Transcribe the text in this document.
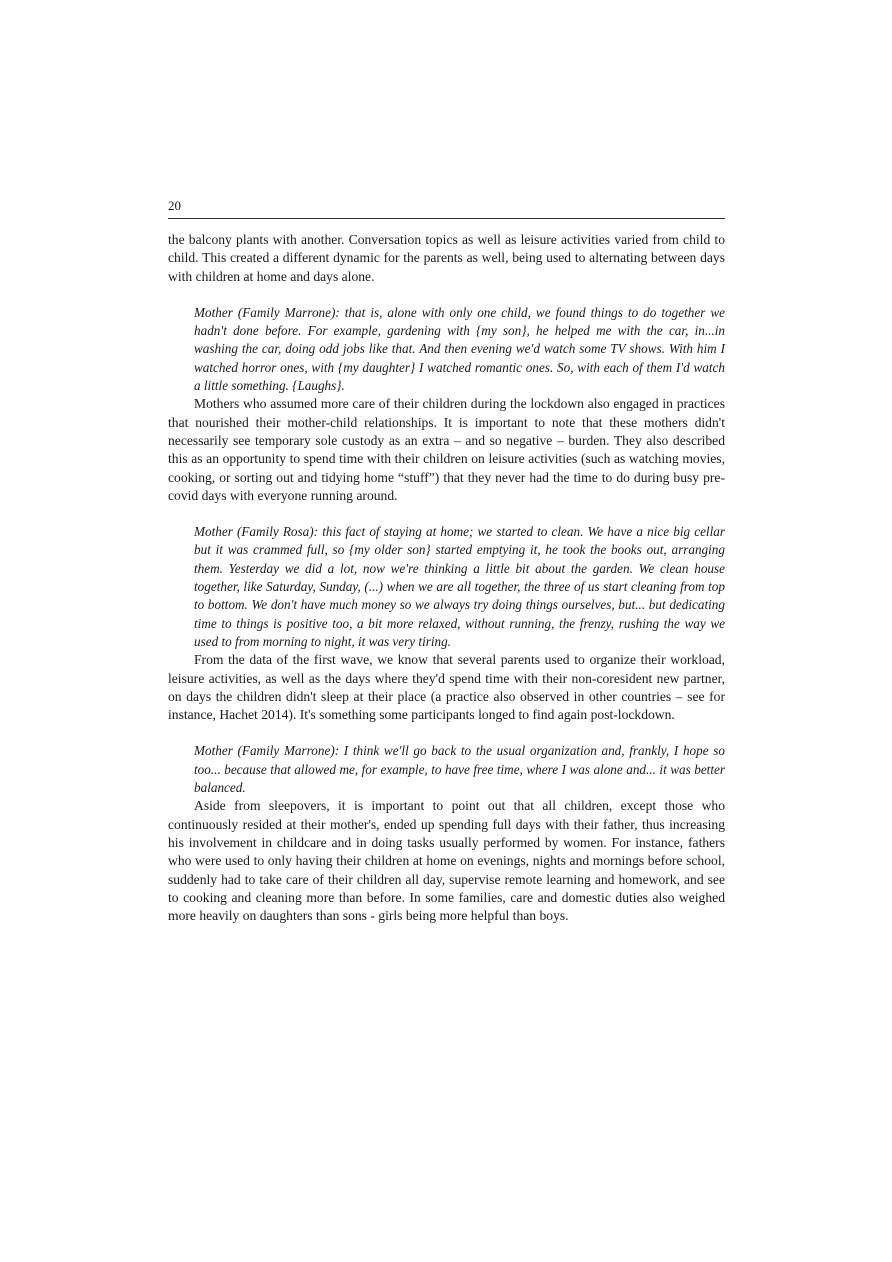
20

the balcony plants with another. Conversation topics as well as leisure activities varied from child to child. This created a different dynamic for the parents as well, being used to alternating between days with children at home and days alone.

Mother (Family Marrone): that is, alone with only one child, we found things to do together we hadn't done before. For example, gardening with {my son}, he helped me with the car, in...in washing the car, doing odd jobs like that. And then evening we'd watch some TV shows. With him I watched horror ones, with {my daughter} I watched romantic ones. So, with each of them I'd watch a little something. {Laughs}.

Mothers who assumed more care of their children during the lockdown also engaged in practices that nourished their mother-child relationships. It is important to note that these mothers didn't necessarily see temporary sole custody as an extra – and so negative – burden. They also described this as an opportunity to spend time with their children on leisure activities (such as watching movies, cooking, or sorting out and tidying home “stuff”) that they never had the time to do during busy pre-covid days with everyone running around.

Mother (Family Rosa): this fact of staying at home; we started to clean. We have a nice big cellar but it was crammed full, so {my older son} started emptying it, he took the books out, arranging them. Yesterday we did a lot, now we're thinking a little bit about the garden. We clean house together, like Saturday, Sunday, (...) when we are all together, the three of us start cleaning from top to bottom. We don't have much money so we always try doing things ourselves, but... but dedicating time to things is positive too, a bit more relaxed, without running, the frenzy, rushing the way we used to from morning to night, it was very tiring.

From the data of the first wave, we know that several parents used to organize their workload, leisure activities, as well as the days where they'd spend time with their non-coresident new partner, on days the children didn't sleep at their place (a practice also observed in other countries – see for instance, Hachet 2014). It's something some participants longed to find again post-lockdown.

Mother (Family Marrone): I think we'll go back to the usual organization and, frankly, I hope so too... because that allowed me, for example, to have free time, where I was alone and... it was better balanced.

Aside from sleepovers, it is important to point out that all children, except those who continuously resided at their mother's, ended up spending full days with their father, thus increasing his involvement in childcare and in doing tasks usually performed by women. For instance, fathers who were used to only having their children at home on evenings, nights and mornings before school, suddenly had to take care of their children all day, supervise remote learning and homework, and see to cooking and cleaning more than before. In some families, care and domestic duties also weighed more heavily on daughters than sons - girls being more helpful than boys.
